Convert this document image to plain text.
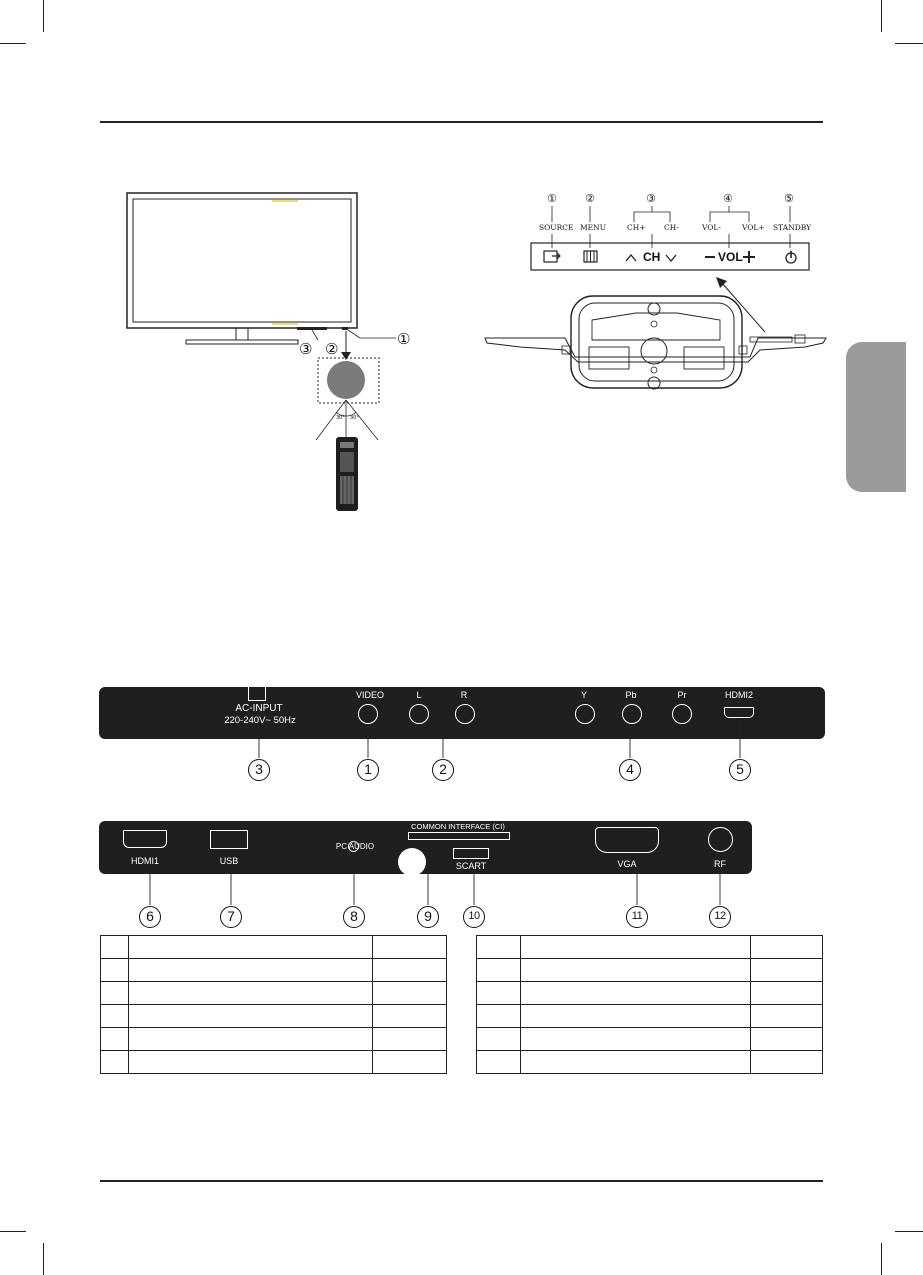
①
②
③
30° 30°
①	②	③	④	⑤
SOURCE MENU	CH+ CH-	VOL-	VOL+ STANDBY
CH	VOL
AC-INPUT
220-240V~ 50Hz
VIDEO	L	R	Y	Pb	Pr	HDMI2
3	1	2	4	5
HDMI1	USB
PC AUDIO
COMMON INTERFACE (CI)
SCART	VGA	RF
6	7	8	9	10	11	12
